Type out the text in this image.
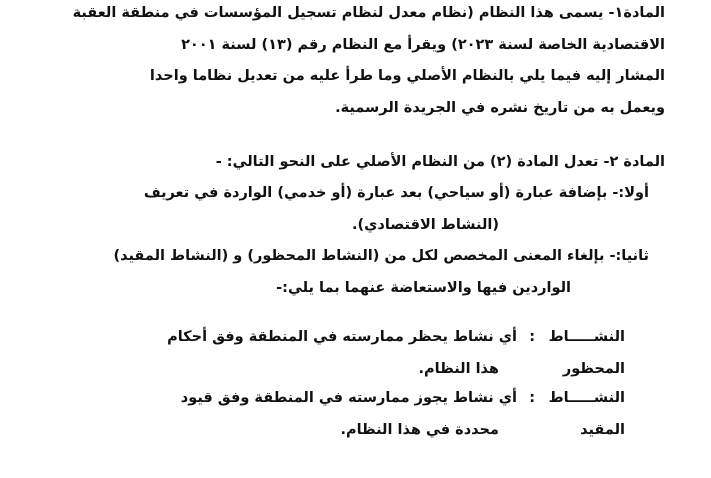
المادة١- يسمى هذا النظام (نظام معدل لنظام تسجيل المؤسسات في منطقة العقبة
الاقتصادية الخاصة لسنة ٢٠٢٣) ويقرأ مع النظام رقم (١٣) لسنة ٢٠٠١
المشار إليه فيما يلي بالنظام الأصلي وما طرأ عليه من تعديل نظاما واحدا
ويعمل به من تاريخ نشره في الجريدة الرسمية.
المادة ٢- تعدل المادة (٢) من النظام الأصلي على النحو التالي: -
أولا:- بإضافة عبارة (أو سياحي) بعد عبارة (أو خدمي) الواردة في تعريف
(النشاط الاقتصادي).
ثانيا:- بإلغاء المعنى المخصص لكل من (النشاط المحظور) و (النشاط المقيد)
الواردين فيها والاستعاضة عنهما بما يلي:-
النشـــــاط
:
أي نشاط يحظر ممارسته في المنطقة وفق أحكام
المحظور
هذا النظام.
النشـــــاط
:
أي نشاط يجوز ممارسته في المنطقة وفق قيود
المقيد
محددة في هذا النظام.
